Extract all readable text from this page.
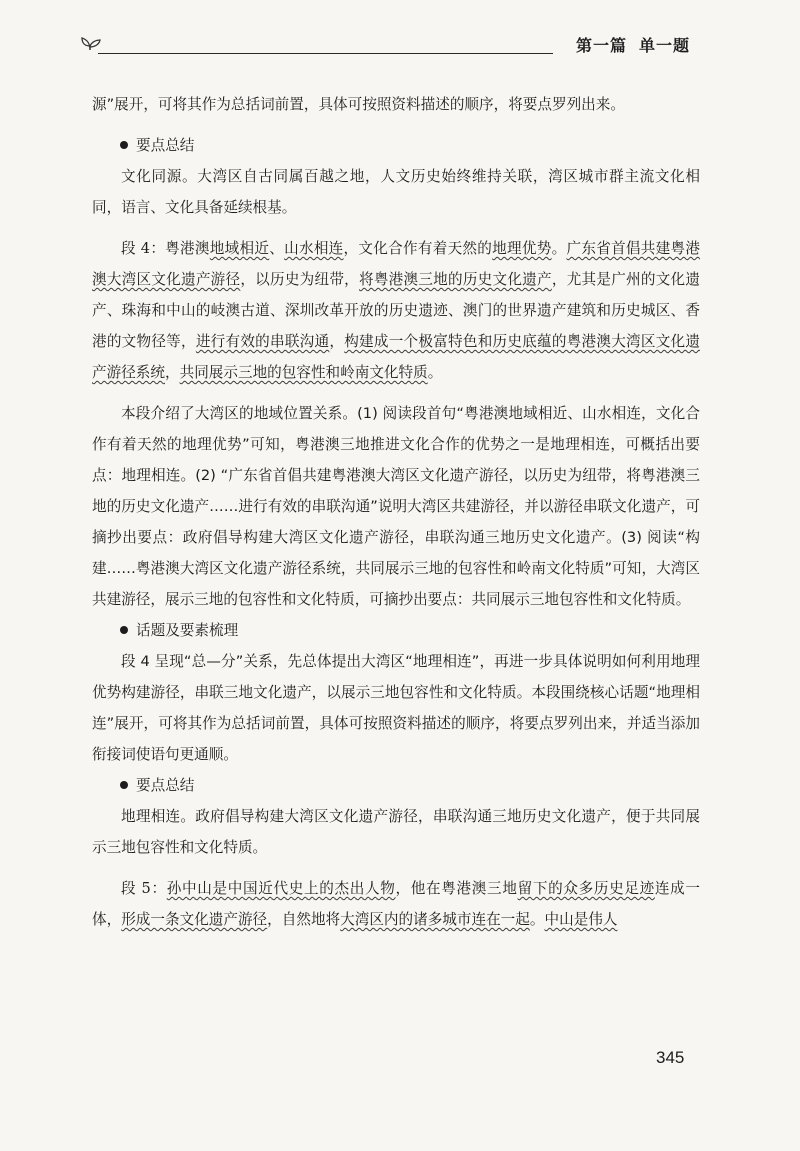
第一篇 单一题

源”展开，可将其作为总括词前置，具体可按照资料描述的顺序，将要点罗列出来。

要点总结

文化同源。大湾区自古同属百越之地，人文历史始终维持关联，湾区城市群主流文化相同，语言、文化具备延续根基。

段 4：粤港澳地域相近、山水相连，文化合作有着天然的地理优势。广东省首倡共建粤港澳大湾区文化遗产游径，以历史为纽带，将粤港澳三地的历史文化遗产，尤其是广州的文化遗产、珠海和中山的岐澳古道、深圳改革开放的历史遗迹、澳门的世界遗产建筑和历史城区、香港的文物径等，进行有效的串联沟通，构建成一个极富特色和历史底蕴的粤港澳大湾区文化遗产游径系统，共同展示三地的包容性和岭南文化特质。

本段介绍了大湾区的地域位置关系。(1) 阅读段首句“粤港澳地域相近、山水相连，文化合作有着天然的地理优势”可知，粤港澳三地推进文化合作的优势之一是地理相连，可概括出要点：地理相连。(2) “广东省首倡共建粤港澳大湾区文化遗产游径，以历史为纽带，将粤港澳三地的历史文化遗产……进行有效的串联沟通”说明大湾区共建游径，并以游径串联文化遗产，可摘抄出要点：政府倡导构建大湾区文化遗产游径，串联沟通三地历史文化遗产。(3) 阅读“构建……粤港澳大湾区文化遗产游径系统，共同展示三地的包容性和岭南文化特质”可知，大湾区共建游径，展示三地的包容性和文化特质，可摘抄出要点：共同展示三地包容性和文化特质。

话题及要素梳理

段 4 呈现“总—分”关系，先总体提出大湾区“地理相连”，再进一步具体说明如何利用地理优势构建游径，串联三地文化遗产，以展示三地包容性和文化特质。本段围绕核心话题“地理相连”展开，可将其作为总括词前置，具体可按照资料描述的顺序，将要点罗列出来，并适当添加衔接词使语句更通顺。

要点总结

地理相连。政府倡导构建大湾区文化遗产游径，串联沟通三地历史文化遗产，便于共同展示三地包容性和文化特质。

段 5：孙中山是中国近代史上的杰出人物，他在粤港澳三地留下的众多历史足迹连成一体，形成一条文化遗产游径，自然地将大湾区内的诸多城市连在一起。中山是伟人

345
